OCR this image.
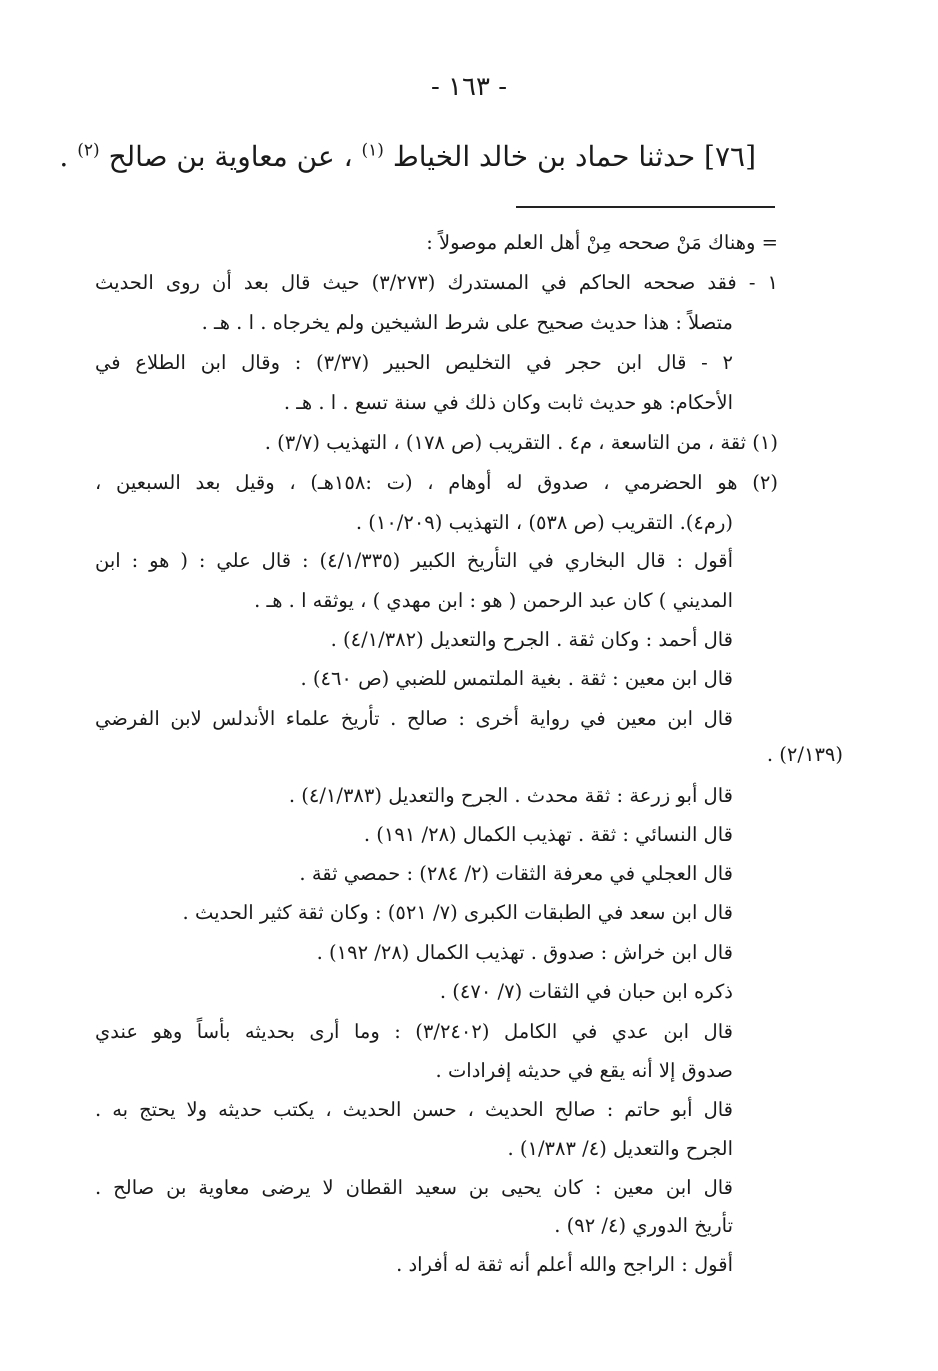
- ١٦٣ -
[٧٦] حدثنا حماد بن خالد الخياط $^{(١)}$ ، عن معاوية بن صالح $^{(٢)}$ .
= وهناك مَنْ صححه مِنْ أهل العلم موصولاً :
١ - فقد صححه الحاكم في المستدرك (٣/٢٧٣) حيث قال بعد أن روى الحديث
متصلاً : هذا حديث صحيح على شرط الشيخين ولم يخرجاه . ا . هـ .
٢ - قال ابن حجر في التخليص الحبير (٣/٣٧) : وقال ابن الطلاع في
الأحكام: هو حديث ثابت وكان ذلك في سنة تسع . ا . هـ .
(١) ثقة ، من التاسعة ، م٤ . التقريب (ص ١٧٨) ، التهذيب (٣/٧) .
(٢) هو الحضرمي ، صدوق له أوهام ، (ت :١٥٨هـ) ، وقيل بعد السبعين ،
(رم٤). التقريب (ص ٥٣٨) ، التهذيب (١٠/٢٠٩) .
أقول : قال البخاري في التأريخ الكبير (٤/١/٣٣٥) : قال علي : ( هو : ابن
المديني ) كان عبد الرحمن ( هو : ابن مهدي ) ، يوثقه ا . هـ .
قال أحمد : وكان ثقة . الجرح والتعديل (٤/١/٣٨٢) .
قال ابن معين : ثقة . بغية الملتمس للضبي (ص ٤٦٠) .
قال ابن معين في رواية أخرى : صالح . تأريخ علماء الأندلس لابن الفرضي
(٢/١٣٩) .
قال أبو زرعة : ثقة محدث . الجرح والتعديل (٤/١/٣٨٣) .
قال النسائي : ثقة . تهذيب الكمال (٢٨/ ١٩١) .
قال العجلي في معرفة الثقات (٢/ ٢٨٤) : حمصي ثقة .
قال ابن سعد في الطبقات الكبرى (٧/ ٥٢١) : وكان ثقة كثير الحديث .
قال ابن خراش : صدوق . تهذيب الكمال (٢٨/ ١٩٢) .
ذكره ابن حبان في الثقات (٧/ ٤٧٠) .
قال ابن عدي في الكامل (٣/٢٤٠٢) : وما أرى بحديثه بأساً وهو عندي
صدوق إلا أنه يقع في حديثه إفرادات .
قال أبو حاتم : صالح الحديث ، حسن الحديث ، يكتب حديثه ولا يحتج به .
الجرح والتعديل (٤/ ١/٣٨٣) .
قال ابن معين : كان يحيى بن سعيد القطان لا يرضى معاوية بن صالح .
تأريخ الدوري (٤/ ٩٢) .
أقول : الراجح والله أعلم أنه ثقة له أفراد .
